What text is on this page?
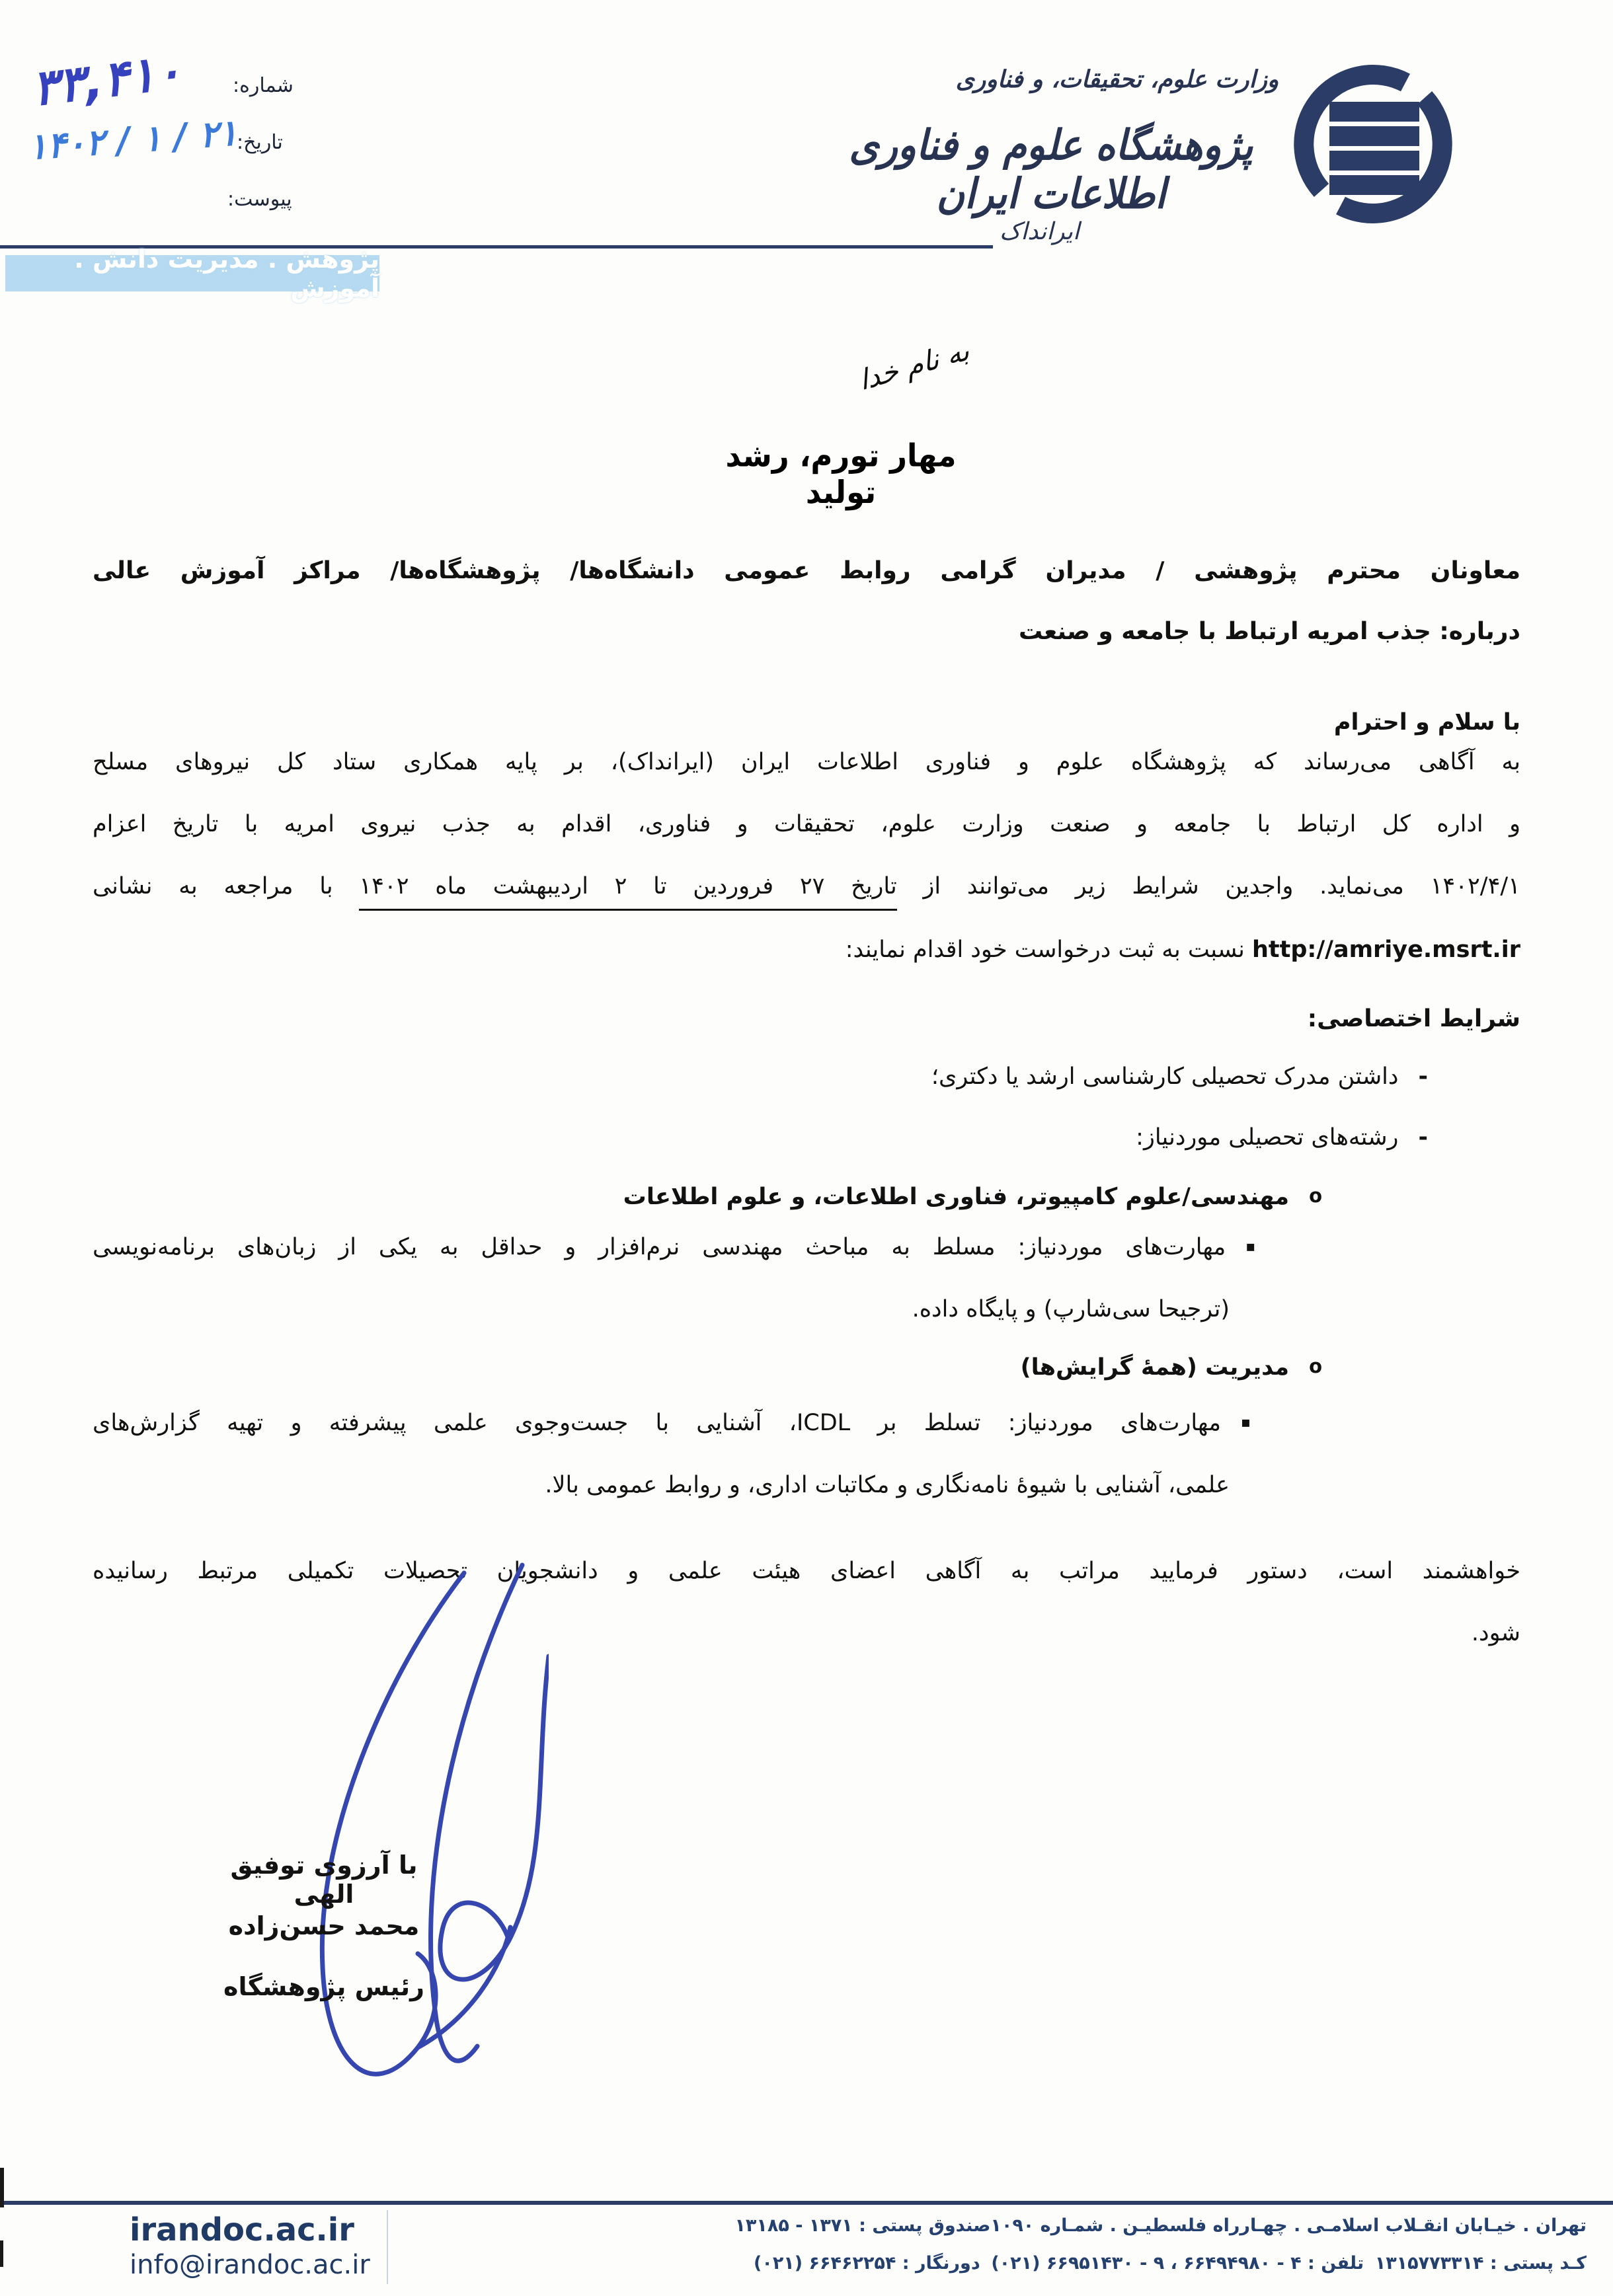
شماره:
تاریخ:
پیوست:
۳۳,۴۱۰
۱۴۰۲ / ۱ / ۲۱
وزارت علوم، تحقیقات، و فناوری
پژوهشگاه علوم و فناوری اطلاعات ایران
ایرانداک
پژوهش . مدیریت دانش . آموزش
به نام خدا
مهار تورم، رشد تولید
معاونان محترم پژوهشی / مدیران گرامی روابط عمومی دانشگاه‌ها/ پژوهشگاه‌ها/ مراکز آموزش عالی
درباره: جذب امریه ارتباط با جامعه و صنعت
با سلام و احترام
به آگاهی می‌رساند که پژوهشگاه علوم و فناوری اطلاعات ایران (ایرانداک)، بر پایه همکاری ستاد کل نیروهای مسلح
و اداره کل ارتباط با جامعه و صنعت وزارت علوم، تحقیقات و فناوری، اقدام به جذب نیروی امریه با تاریخ اعزام
۱۴۰۲/۴/۱ می‌نماید. واجدین شرایط زیر می‌توانند از تاریخ ۲۷ فروردین تا ۲ اردیبهشت ماه ۱۴۰۲ با مراجعه به نشانی
http://amriye.msrt.ir نسبت به ثبت درخواست خود اقدام نمایند:
شرایط اختصاصی:
-داشتن مدرک تحصیلی کارشناسی ارشد یا دکتری؛
-رشته‌های تحصیلی موردنیاز:
oمهندسی/علوم کامپیوتر، فناوری اطلاعات، و علوم اطلاعات
▪مهارت‌های موردنیاز: مسلط به مباحث مهندسی نرم‌افزار و حداقل به یکی از زبان‌های برنامه‌نویسی
(ترجیحا سی‌شارپ) و پایگاه داده.
oمدیریت (همهٔ گرایش‌ها)
▪مهارت‌های موردنیاز: تسلط بر ICDL، آشنایی با جست‌وجوی علمی پیشرفته و تهیه گزارش‌های
علمی، آشنایی با شیوهٔ نامه‌نگاری و مکاتبات اداری، و روابط عمومی بالا.
خواهشمند است، دستور فرمایید مراتب به آگاهی اعضای هیئت علمی و دانشجویان تحصیلات تکمیلی مرتبط رسانیده
شود.
با آرزوی توفیق الهی
محمد حسن‌زاده
رئیس پژوهشگاه
irandoc.ac.ir
info@irandoc.ac.ir
تهران . خیـابان انقـلاب اسلامـی . چهـارراه فلسطیـن . شمـاره ۱۰۹۰
صندوق پستی : ۱۳۷۱ - ۱۳۱۸۵
کـد پستی : ۱۳۱۵۷۷۳۳۱۴
تلفن : ۴ - ۶۶۴۹۴۹۸۰ ، ۹ - ۶۶۹۵۱۴۳۰ (۰۲۱)
دورنگار : ۶۶۴۶۲۲۵۴ (۰۲۱)
